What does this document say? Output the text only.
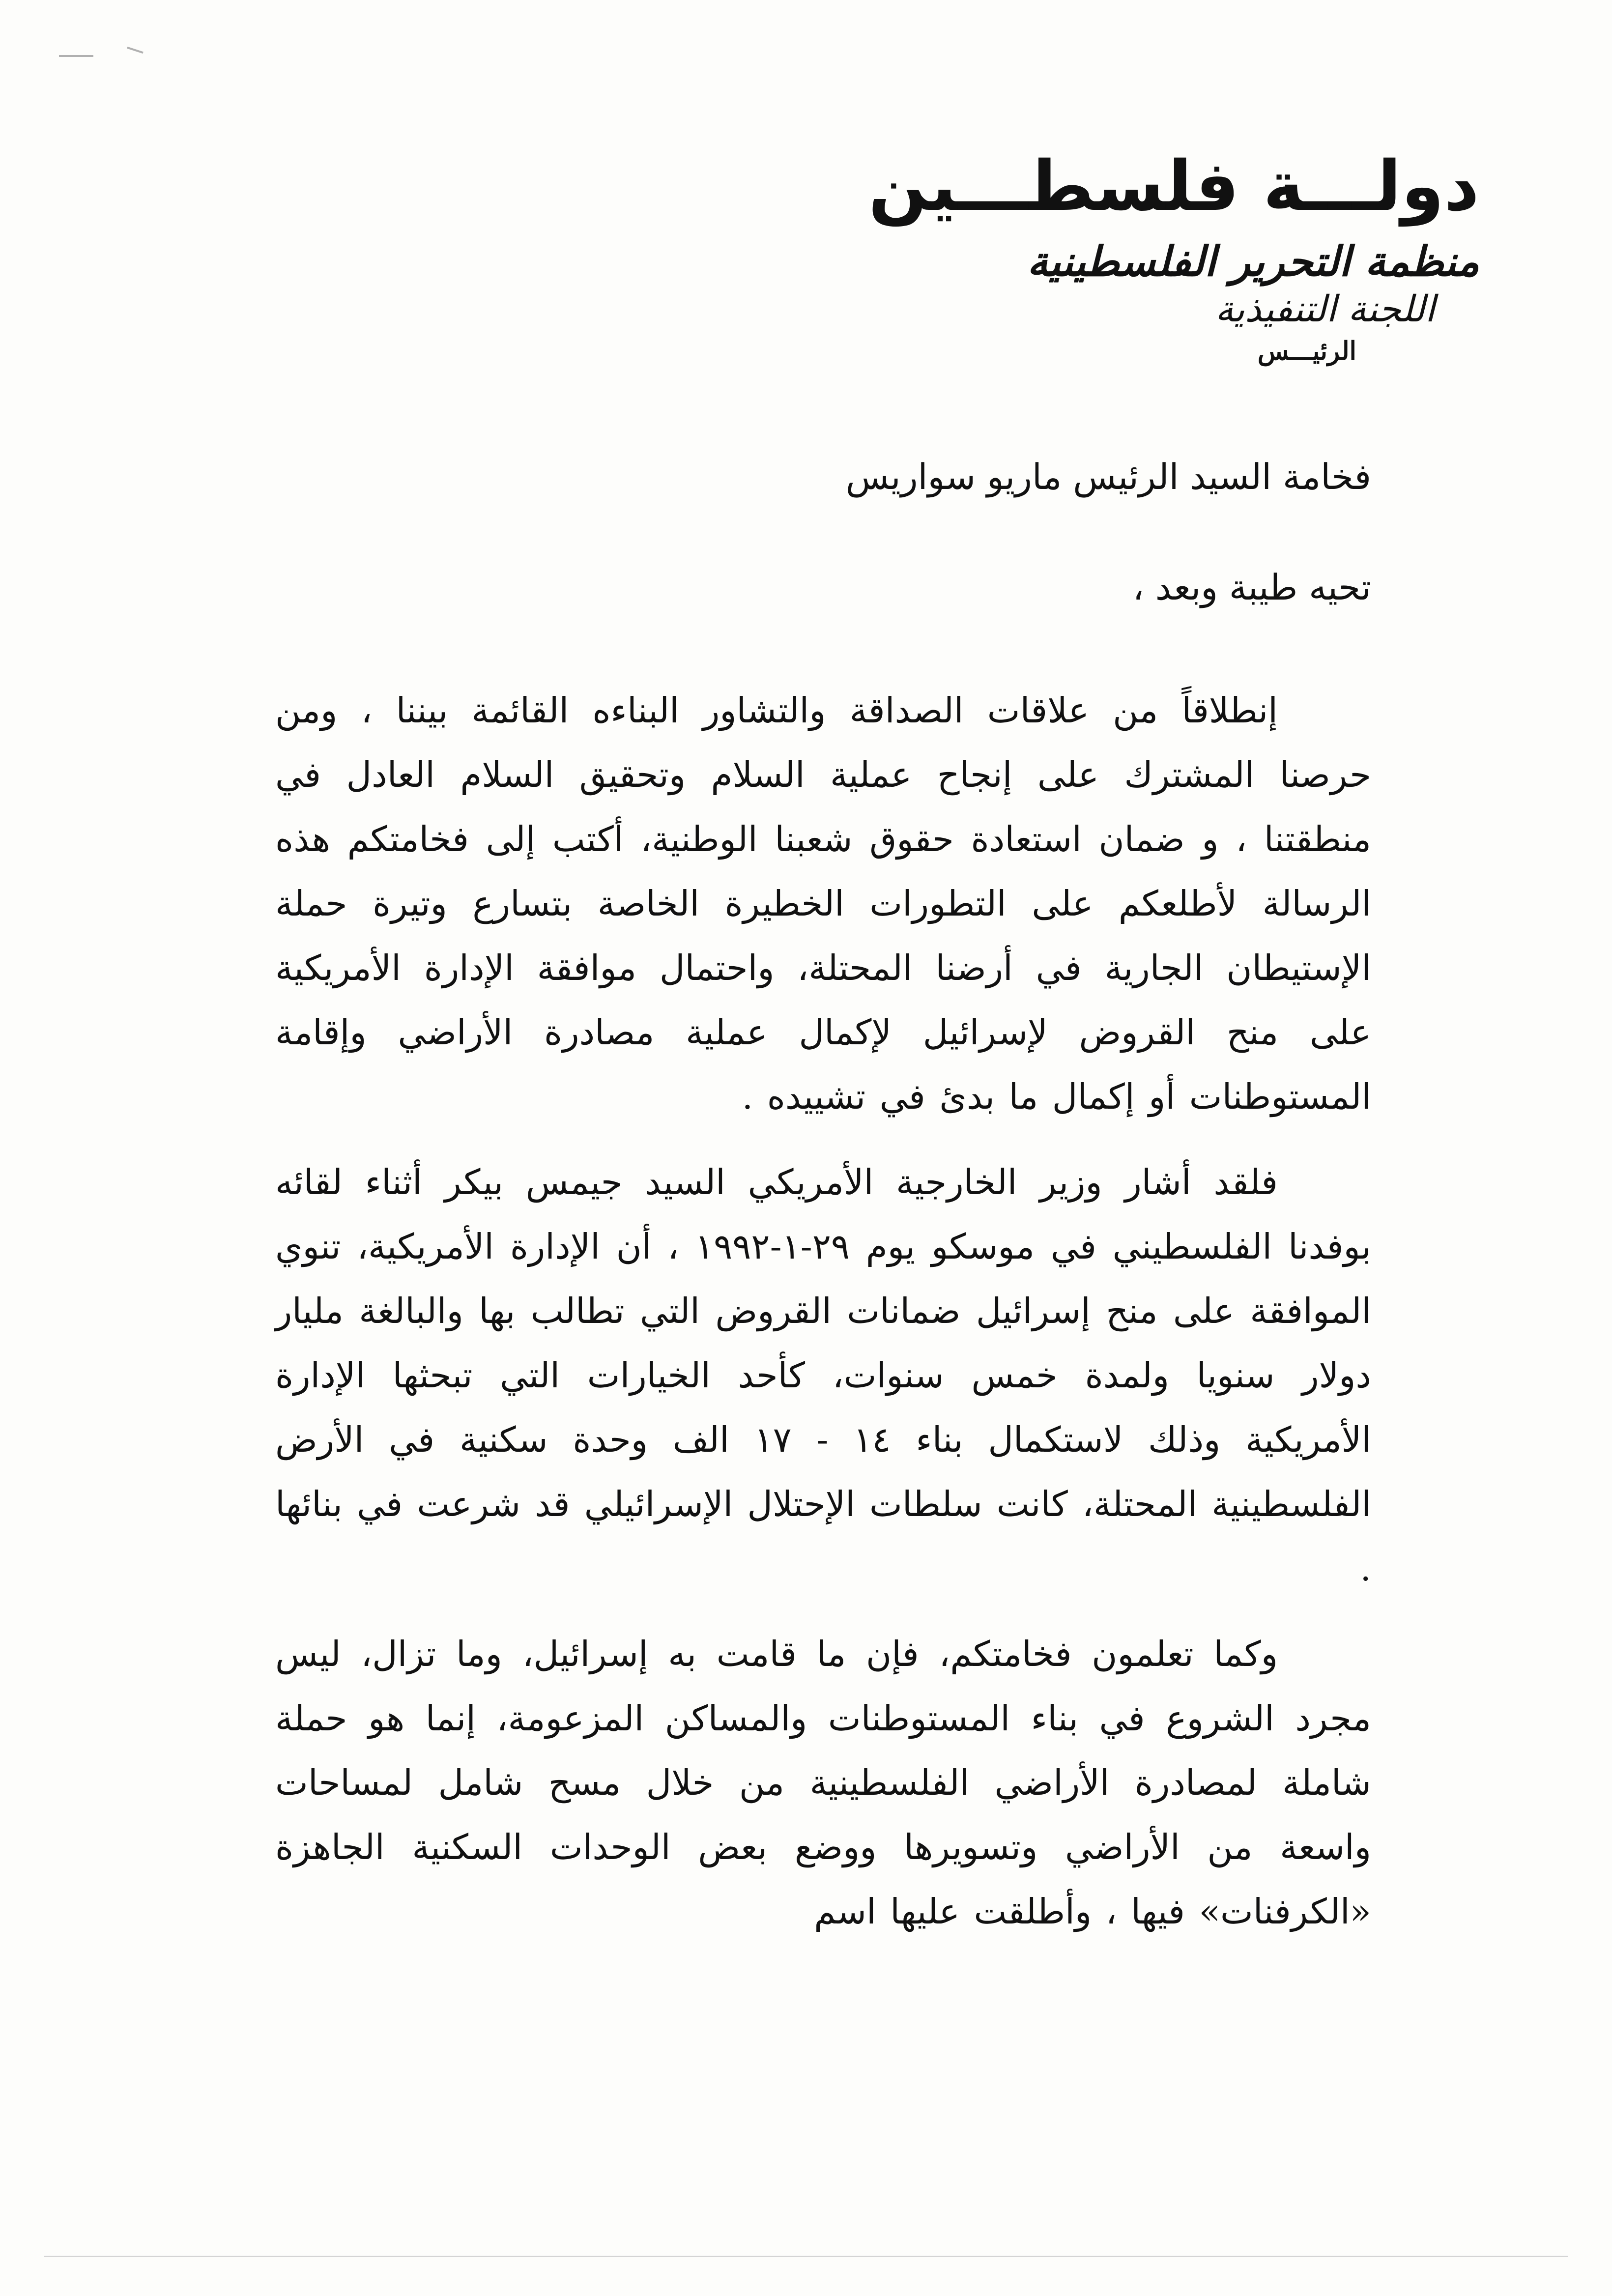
دولـــة فلسطـــين
منظمة التحرير الفلسطينية
اللجنة التنفيذية
الرئيـــس
فخامة السيد الرئيس ماريو سواريس
تحيه طيبة وبعد ،

إنطلاقاً من علاقات الصداقة والتشاور البناءه القائمة بيننا ، ومن حرصنا المشترك على إنجاح عملية السلام وتحقيق السلام العادل في منطقتنا ، و ضمان استعادة حقوق شعبنا الوطنية، أكتب إلى فخامتكم هذه الرسالة لأطلعكم على التطورات الخطيرة الخاصة بتسارع وتيرة حملة الإستيطان الجارية في أرضنا المحتلة، واحتمال موافقة الإدارة الأمريكية على منح القروض لإسرائيل لإكمال عملية مصادرة الأراضي وإقامة المستوطنات أو إكمال ما بدئ في تشييده .

فلقد أشار وزير الخارجية الأمريكي السيد جيمس بيكر أثناء لقائه بوفدنا الفلسطيني في موسكو يوم ٢٩-١-١٩٩٢ ، أن الإدارة الأمريكية، تنوي الموافقة على منح إسرائيل ضمانات القروض التي تطالب بها والبالغة مليار دولار سنويا ولمدة خمس سنوات، كأحد الخيارات التي تبحثها الإدارة الأمريكية وذلك لاستكمال بناء ١٤ - ١٧ الف وحدة سكنية في الأرض الفلسطينية المحتلة، كانت سلطات الإحتلال الإسرائيلي قد شرعت في بنائها .

وكما تعلمون فخامتكم، فإن ما قامت به إسرائيل، وما تزال، ليس مجرد الشروع في بناء المستوطنات والمساكن المزعومة، إنما هو حملة شاملة لمصادرة الأراضي الفلسطينية من خلال مسح شامل لمساحات واسعة من الأراضي وتسويرها ووضع بعض الوحدات السكنية الجاهزة «الكرفنات» فيها ، وأطلقت عليها اسم
